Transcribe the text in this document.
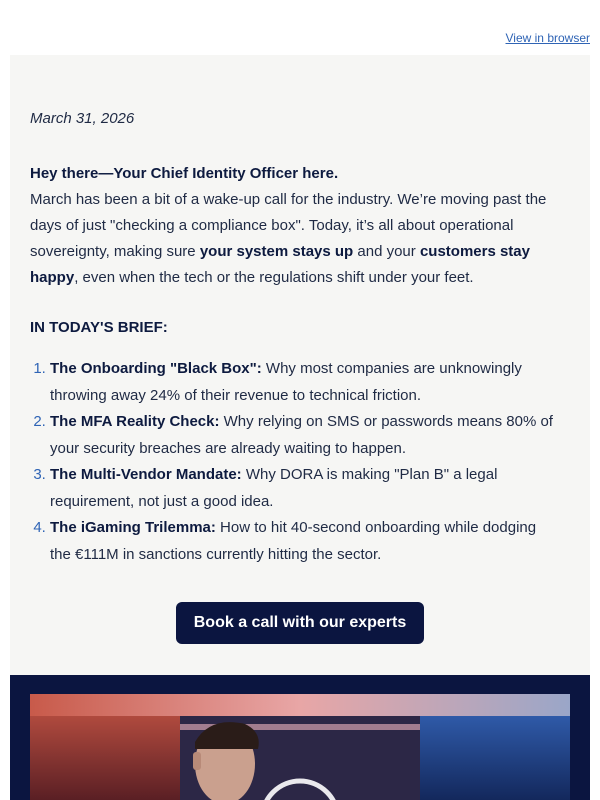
View in browser
March 31, 2026
Hey there—Your Chief Identity Officer here.
March has been a bit of a wake-up call for the industry. We’re moving past the days of just "checking a compliance box". Today, it’s all about operational sovereignty, making sure your system stays up and your customers stay happy, even when the tech or the regulations shift under your feet.
IN TODAY'S BRIEF:
1. The Onboarding "Black Box": Why most companies are unknowingly throwing away 24% of their revenue to technical friction.
2. The MFA Reality Check: Why relying on SMS or passwords means 80% of your security breaches are already waiting to happen.
3. The Multi-Vendor Mandate: Why DORA is making "Plan B" a legal requirement, not just a good idea.
4. The iGaming Trilemma: How to hit 40-second onboarding while dodging the €111M in sanctions currently hitting the sector.
Book a call with our experts
